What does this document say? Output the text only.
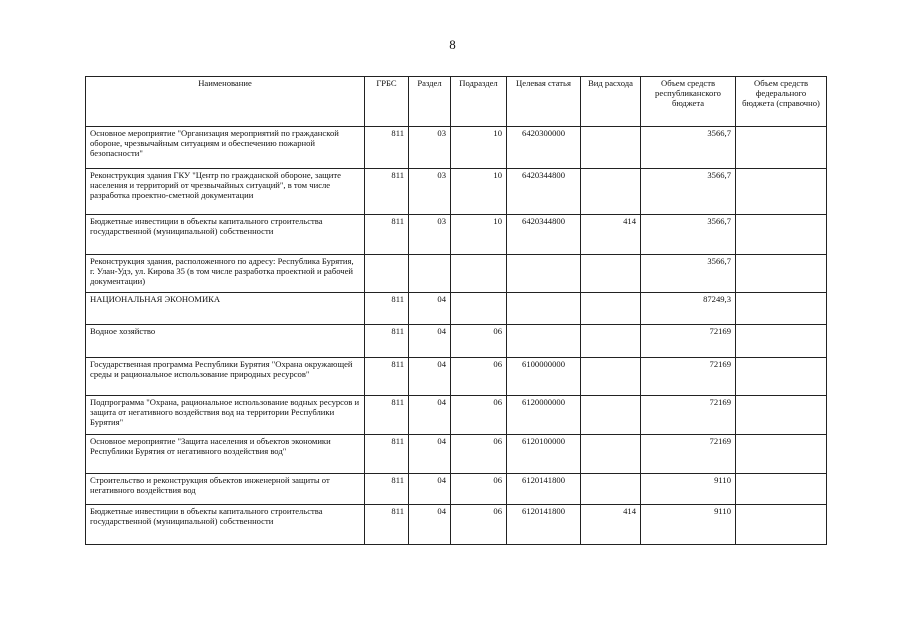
8
Наименование	ГРБС	Раздел	Подраздел	Целевая статья	Вид расхода	Объем средств республиканского бюджета	Объем средств федерального бюджета (справочно)
Основное мероприятие "Организация мероприятий по гражданской обороне, чрезвычайным ситуациям и обеспечению пожарной безопасности"	811	03	10	6420300000		3566,7	
Реконструкция здания ГКУ "Центр по гражданской обороне, защите населения и территорий от чрезвычайных ситуаций", в том числе разработка проектно-сметной документации	811	03	10	6420344800		3566,7	
Бюджетные инвестиции в объекты капитального строительства государственной (муниципальной) собственности	811	03	10	6420344800	414	3566,7	
Реконструкция здания, расположенного по адресу: Республика Бурятия, г. Улан-Удэ, ул. Кирова 35 (в том числе разработка проектной и рабочей документации)						3566,7	
НАЦИОНАЛЬНАЯ ЭКОНОМИКА	811	04				87249,3	
Водное хозяйство	811	04	06			72169	
Государственная программа Республики Бурятия "Охрана окружающей среды и рациональное использование природных ресурсов"	811	04	06	6100000000		72169	
Подпрограмма "Охрана, рациональное использование водных ресурсов и защита от негативного воздействия вод на территории Республики Бурятия"	811	04	06	6120000000		72169	
Основное мероприятие "Защита населения и объектов экономики Республики Бурятия от негативного воздействия вод"	811	04	06	6120100000		72169	
Строительство и реконструкция объектов инженерной защиты от негативного воздействия вод	811	04	06	6120141800		9110	
Бюджетные инвестиции в объекты капитального строительства государственной (муниципальной) собственности	811	04	06	6120141800	414	9110	
